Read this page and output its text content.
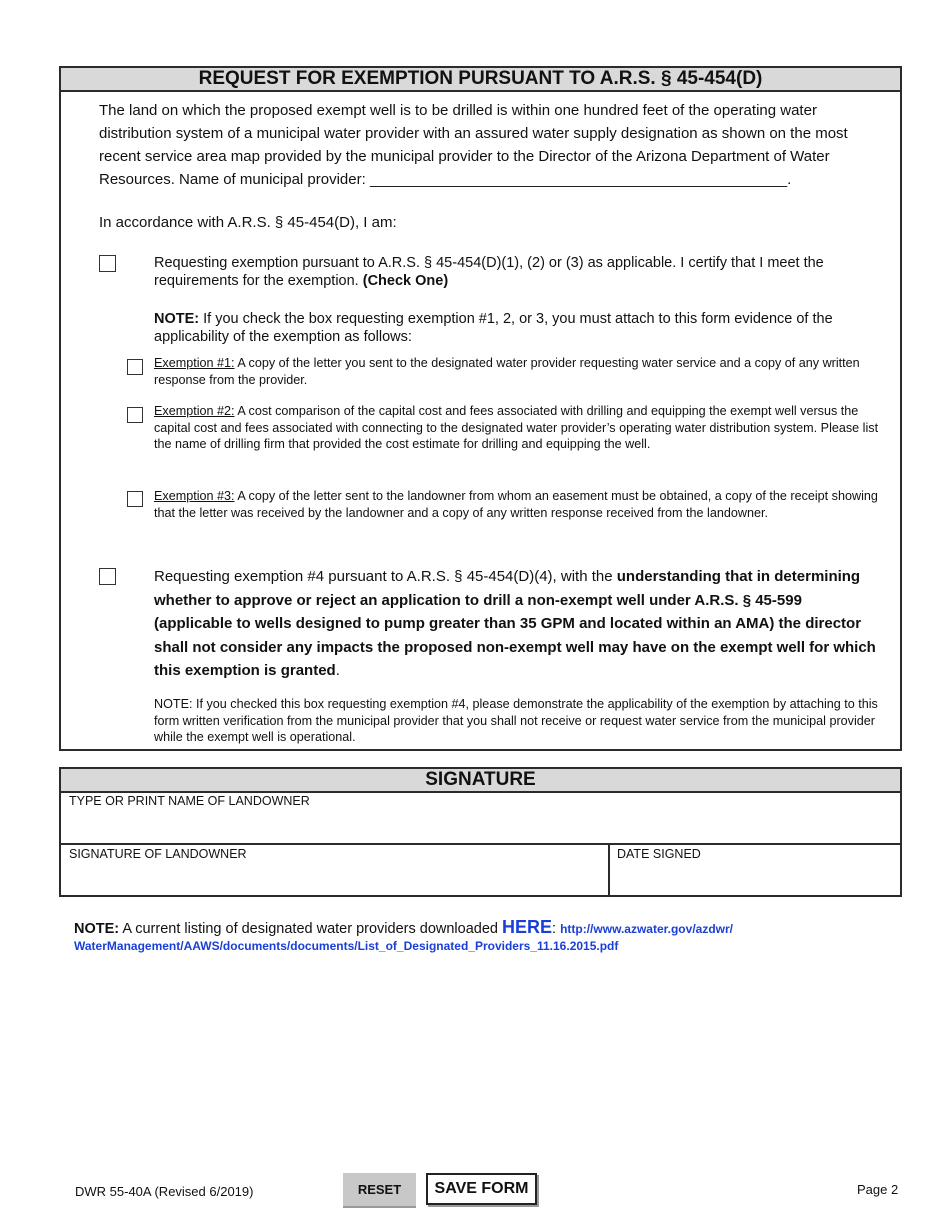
REQUEST FOR EXEMPTION PURSUANT TO A.R.S. § 45-454(D)
The land on which the proposed exempt well is to be drilled is within one hundred feet of the operating water distribution system of a municipal water provider with an assured water supply designation as shown on the most recent service area map provided by the municipal provider to the Director of the Arizona Department of Water Resources. Name of municipal provider: __________________________________________________.
In accordance with A.R.S. § 45-454(D), I am:
Requesting exemption pursuant to A.R.S. § 45-454(D)(1), (2) or (3) as applicable. I certify that I meet the requirements for the exemption. (Check One)
NOTE: If you check the box requesting exemption #1, 2, or 3, you must attach to this form evidence of the applicability of the exemption as follows:
Exemption #1: A copy of the letter you sent to the designated water provider requesting water service and a copy of any written response from the provider.
Exemption #2: A cost comparison of the capital cost and fees associated with drilling and equipping the exempt well versus the capital cost and fees associated with connecting to the designated water provider’s operating water distribution system. Please list the name of drilling firm that provided the cost estimate for drilling and equipping the well.
Exemption #3: A copy of the letter sent to the landowner from whom an easement must be obtained, a copy of the receipt showing that the letter was received by the landowner and a copy of any written response received from the landowner.
Requesting exemption #4 pursuant to A.R.S. § 45-454(D)(4), with the understanding that in determining whether to approve or reject an application to drill a non-exempt well under A.R.S. § 45-599 (applicable to wells designed to pump greater than 35 GPM and located within an AMA) the director shall not consider any impacts the proposed non-exempt well may have on the exempt well for which this exemption is granted.
NOTE: If you checked this box requesting exemption #4, please demonstrate the applicability of the exemption by attaching to this form written verification from the municipal provider that you shall not receive or request water service from the municipal provider while the exempt well is operational.
SIGNATURE
TYPE OR PRINT NAME OF LANDOWNER
SIGNATURE OF LANDOWNER	DATE SIGNED
NOTE: A current listing of designated water providers downloaded HERE: http://www.azwater.gov/azdwr/
WaterManagement/AAWS/documents/documents/List_of_Designated_Providers_11.16.2015.pdf
DWR 55-40A (Revised 6/2019)	RESET	SAVE FORM	Page 2
